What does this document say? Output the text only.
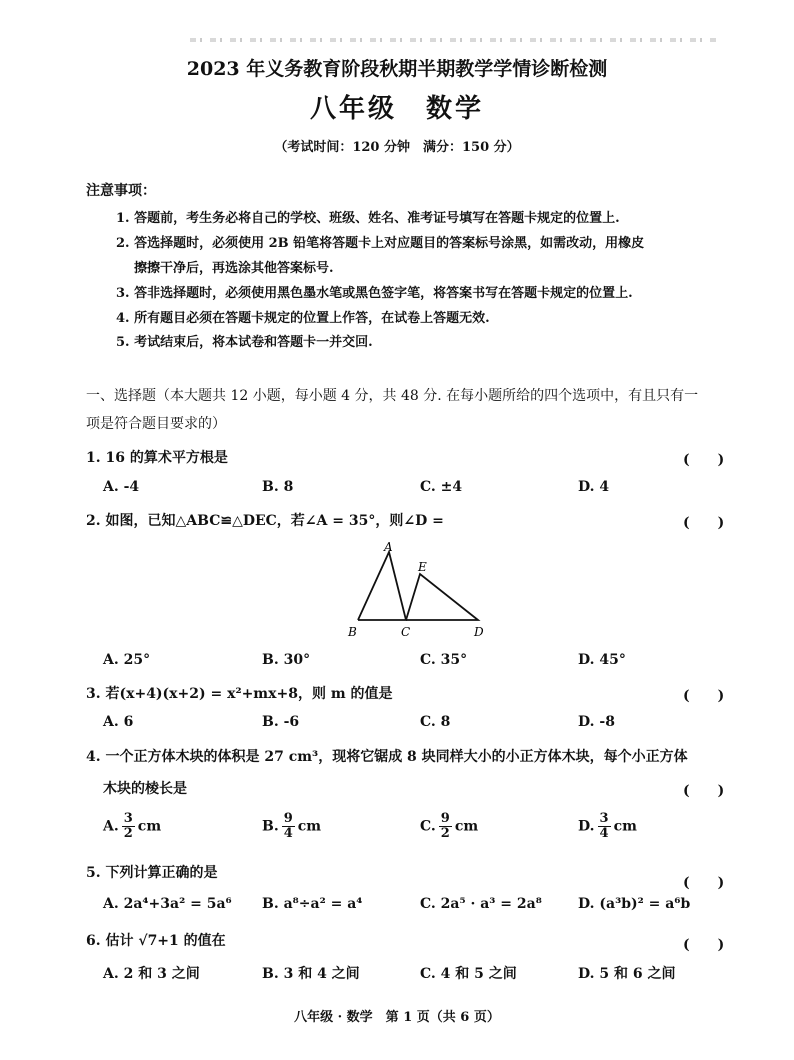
2023 年义务教育阶段秋期半期教学学情诊断检测
八年级　数学
（考试时间：120 分钟　满分：150 分）
注意事项：
1. 答题前，考生务必将自己的学校、班级、姓名、准考证号填写在答题卡规定的位置上.
2. 答选择题时，必须使用 2B 铅笔将答题卡上对应题目的答案标号涂黑，如需改动，用橡皮
擦擦干净后，再选涂其他答案标号.
3. 答非选择题时，必须使用黑色墨水笔或黑色签字笔，将答案书写在答题卡规定的位置上.
4. 所有题目必须在答题卡规定的位置上作答，在试卷上答题无效.
5. 考试结束后，将本试卷和答题卡一并交回.
一、选择题（本大题共 12 小题，每小题 4 分，共 48 分. 在每小题所给的四个选项中，有且只有一
项是符合题目要求的）
1. 16 的算术平方根是	(　　)
A. -4	B. 8	C. ±4	D. 4
2. 如图，已知△ABC≌△DEC，若∠A = 35°，则∠D =	(　　)
A
B	C	D
E
A. 25°	B. 30°	C. 35°	D. 45°
3. 若(x+4)(x+2) = x²+mx+8，则 m 的值是	(　　)
A. 6	B. -6	C. 8	D. -8
4. 一个正方体木块的体积是 27 cm³，现将它锯成 8 块同样大小的小正方体木块，每个小正方体
木块的棱长是	(　　)
A. $\frac{3}{2}$ cm	B. $\frac{9}{4}$ cm	C. $\frac{9}{2}$ cm	D. $\frac{3}{4}$ cm
5. 下列计算正确的是
(　　)
A. 2a⁴+3a² = 5a⁶ B. a⁸÷a² = a⁴	C. 2a⁵ · a³ = 2a⁸	D. (a³b)² = a⁶b
6. 估计 √7+1 的值在	(　　)
A. 2 和 3 之间	B. 3 和 4 之间	C. 4 和 5 之间	D. 5 和 6 之间
八年级 · 数学　第 1 页（共 6 页）
